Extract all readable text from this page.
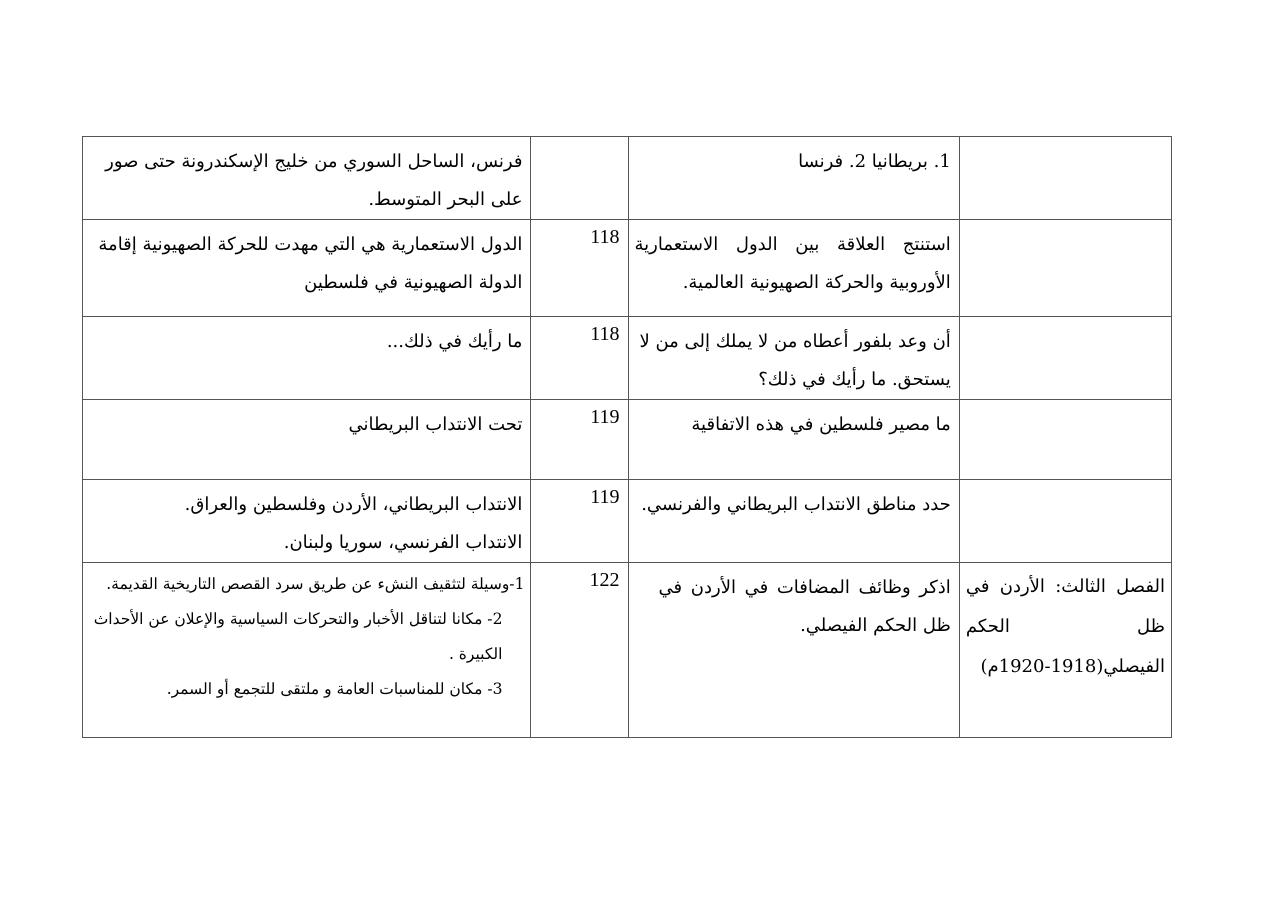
	1. بريطانيا 2. فرنسا		فرنس، الساحل السوري من خليج الإسكندرونة حتى صور على البحر المتوسط.

	استنتج العلاقة بين الدول الاستعمارية الأوروبية والحركة الصهيونية العالمية.	118	الدول الاستعمارية هي التي مهدت للحركة الصهيونية إقامة الدولة الصهيونية في فلسطين

	أن وعد بلفور أعطاه من لا يملك إلى من لا يستحق. ما رأيك في ذلك؟	118	ما رأيك في ذلك...

	ما مصير فلسطين في هذه الاتفاقية	119	تحت الانتداب البريطاني

	حدد مناطق الانتداب البريطاني والفرنسي.	119	الانتداب البريطاني، الأردن وفلسطين والعراق.
الانتداب الفرنسي، سوريا ولبنان.

الفصل الثالث: الأردن في ظل الحكم الفيصلي(1918-1920م)	اذكر وظائف المضافات في الأردن في ظل الحكم الفيصلي.	122	1-وسيلة لتثقيف النشء عن طريق سرد القصص التاريخية القديمة.
2- مكانا لتناقل الأخبار والتحركات السياسية والإعلان عن الأحداث الكبيرة .
3- مكان للمناسبات العامة و ملتقى للتجمع أو السمر.
